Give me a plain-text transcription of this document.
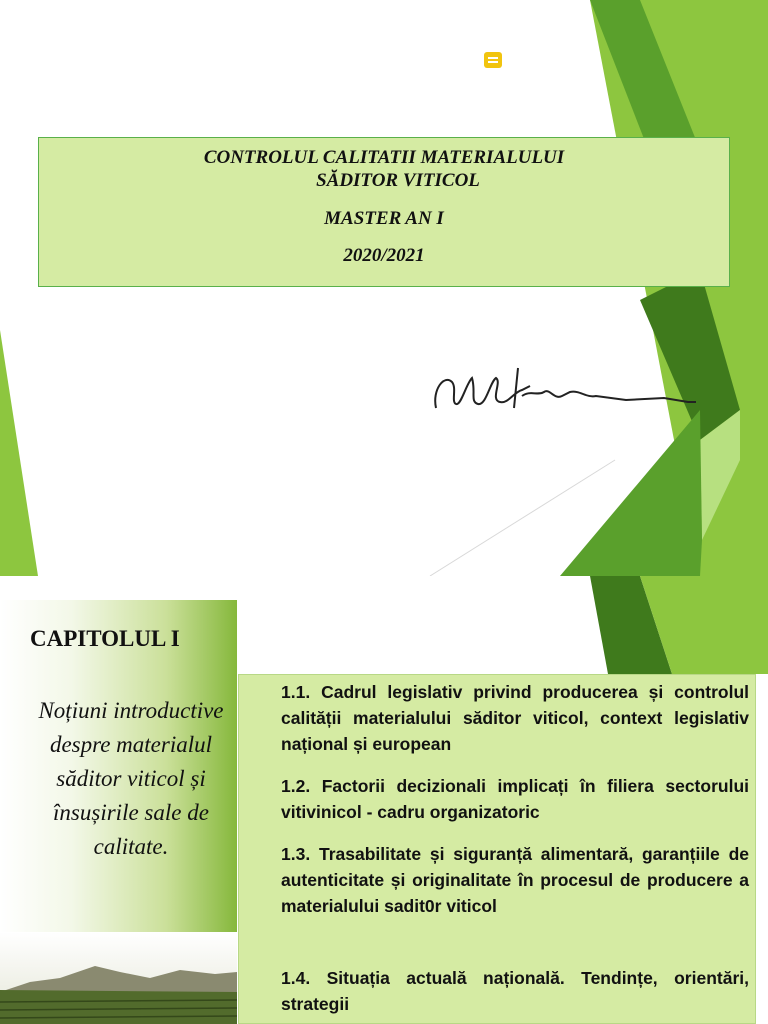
CONTROLUL CALITATII MATERIALULUI
SĂDITOR VITICOL
MASTER AN I
2020/2021
CAPITOLUL I
Noțiuni introductive despre materialul săditor viticol și însușirile sale de calitate.
1.1. Cadrul legislativ privind producerea și controlul calității materialului săditor viticol, context legislativ național și european
1.2. Factorii decizionali implicați în filiera sectorului vitivinicol - cadru organizatoric
1.3. Trasabilitate și siguranță alimentară, garanțiile de autenticitate și originalitate în procesul de producere a materialului sadit0r viticol
1.4. Situația actuală națională. Tendințe, orientări, strategii
